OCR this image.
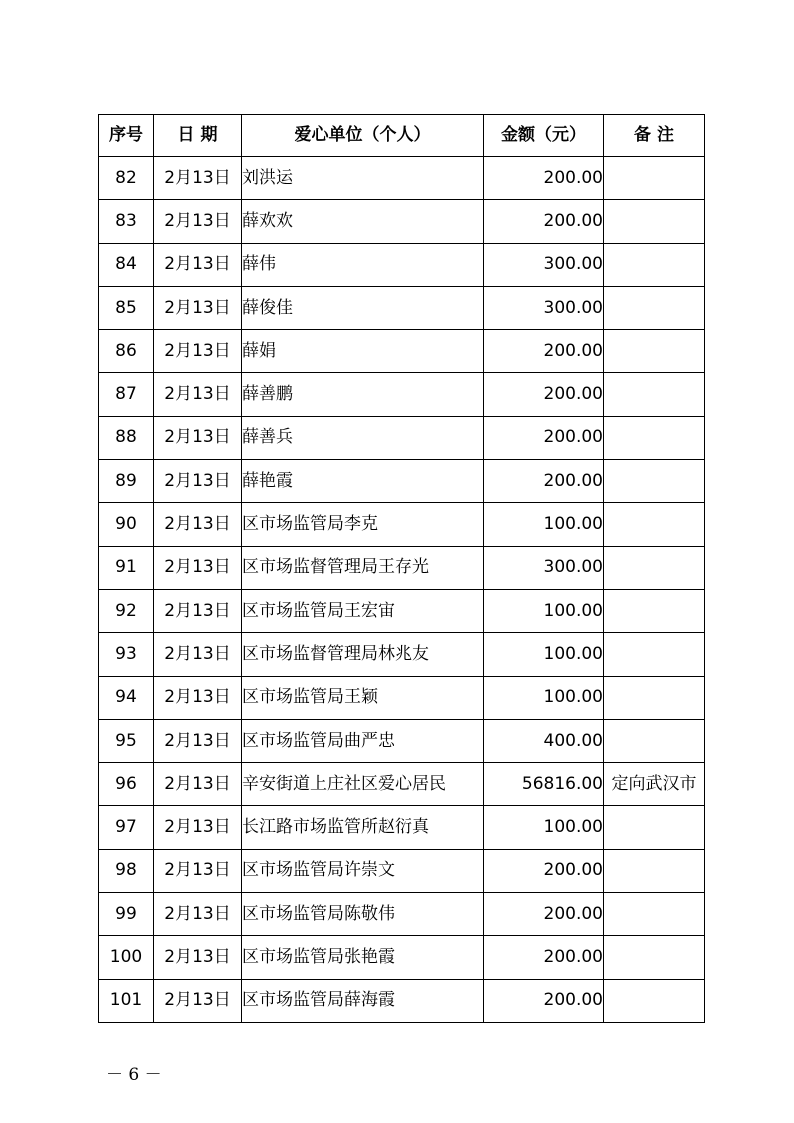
序号	日 期	爱心单位（个人）	金额（元）	备 注
82	2月13日	刘洪运	200.00	
83	2月13日	薛欢欢	200.00	
84	2月13日	薛伟	300.00	
85	2月13日	薛俊佳	300.00	
86	2月13日	薛娟	200.00	
87	2月13日	薛善鹏	200.00	
88	2月13日	薛善兵	200.00	
89	2月13日	薛艳霞	200.00	
90	2月13日	区市场监管局李克	100.00	
91	2月13日	区市场监督管理局王存光	300.00	
92	2月13日	区市场监管局王宏宙	100.00	
93	2月13日	区市场监督管理局林兆友	100.00	
94	2月13日	区市场监管局王颖	100.00	
95	2月13日	区市场监管局曲严忠	400.00	
96	2月13日	辛安街道上庄社区爱心居民	56816.00	定向武汉市
97	2月13日	长江路市场监管所赵衍真	100.00	
98	2月13日	区市场监管局许崇文	200.00	
99	2月13日	区市场监管局陈敬伟	200.00	
100	2月13日	区市场监管局张艳霞	200.00	
101	2月13日	区市场监管局薛海霞	200.00	
－ 6 －
